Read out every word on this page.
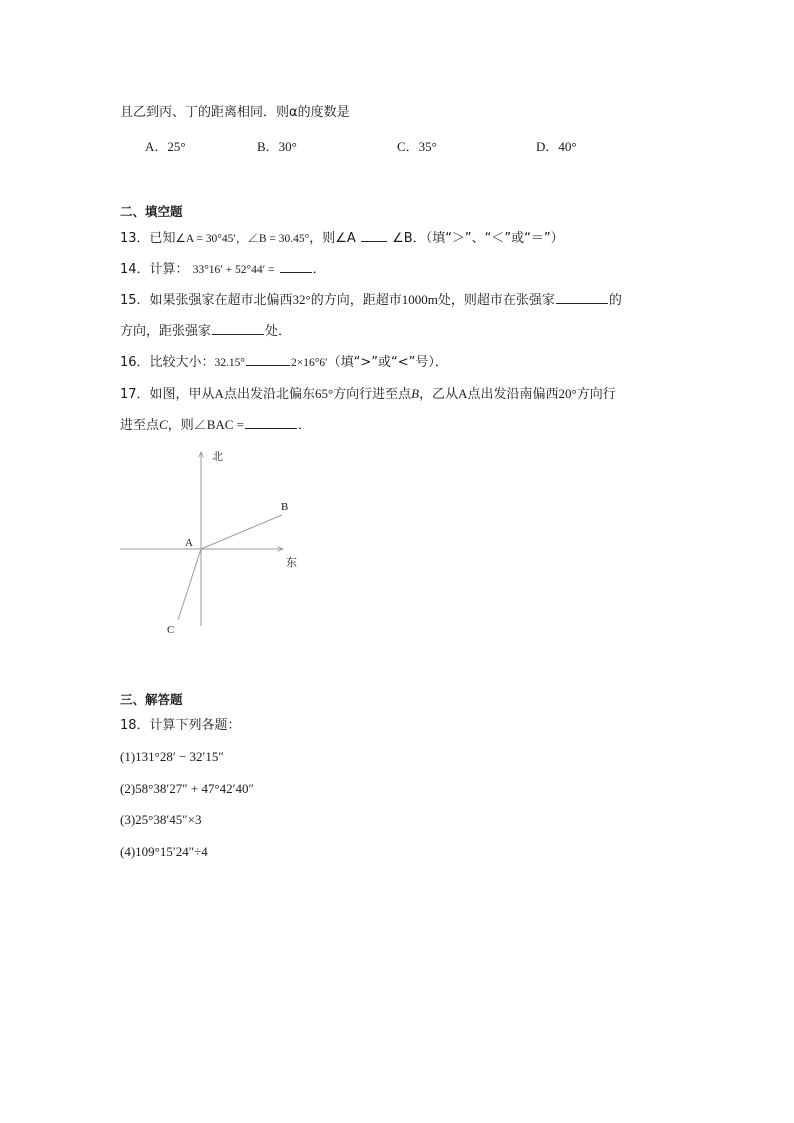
且乙到丙、丁的距离相同．则α的度数是
A．25°	B．30°	C．35°	D．40°
二、填空题
13．已知∠A = 30°45′，∠B = 30.45°，则∠A	∠B．（填“＞”、“＜”或“＝”）
14．计算： 33°16′ + 52°44′ =	．
15．如果张强家在超市北偏西32°的方向，距超市1000m处，则超市在张强家	的
方向，距张强家	处．
16．比较大小：32.15°	2×16°6′（填“>”或“<”号）．
17．如图，甲从A点出发沿北偏东65°方向行进至点B，乙从A点出发沿南偏西20°方向行
进至点C，则∠BAC =	．
北
东
A
B
C
三、解答题
18．计算下列各题：
(1)131°28′ − 32′15″
(2)58°38′27″ + 47°42′40″
(3)25°38′45″×3
(4)109°15′24″÷4
